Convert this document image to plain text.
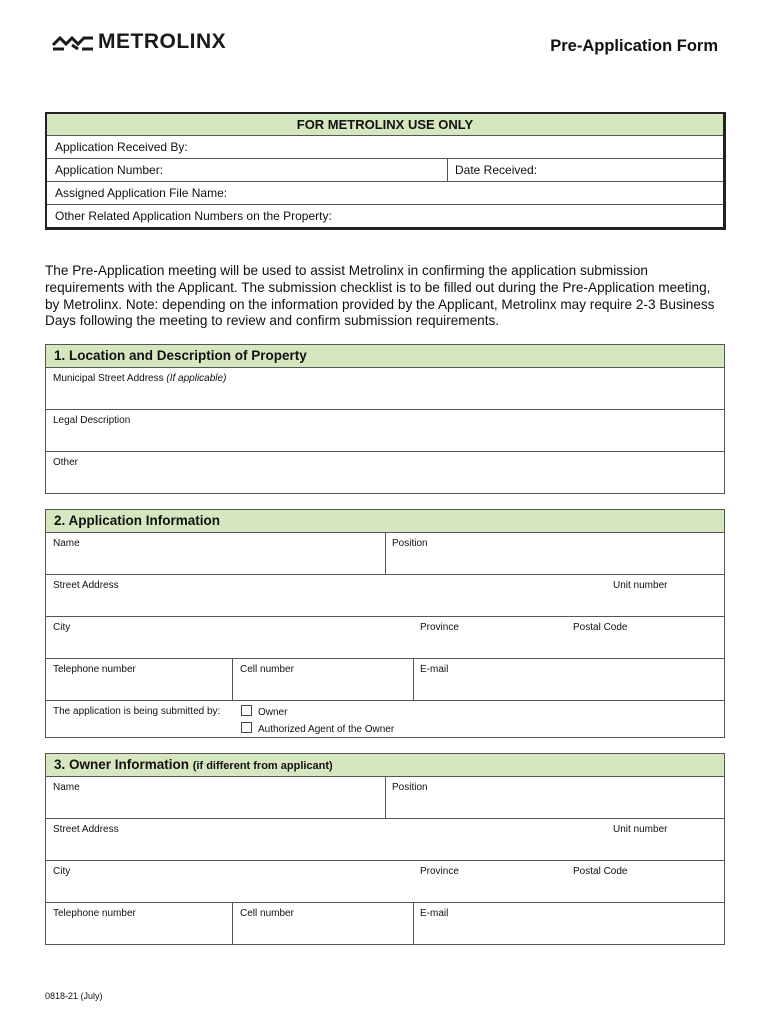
METROLINX	Pre-Application Form
FOR METROLINX USE ONLY
Application Received By:
Application Number:	Date Received:
Assigned Application File Name:
Other Related Application Numbers on the Property:
The Pre-Application meeting will be used to assist Metrolinx in confirming the application submission requirements with the Applicant. The submission checklist is to be filled out during the Pre-Application meeting, by Metrolinx. Note: depending on the information provided by the Applicant, Metrolinx may require 2-3 Business Days following the meeting to review and confirm submission requirements.
1. Location and Description of Property
Municipal Street Address (If applicable)
Legal Description
Other
2. Application Information
Name	Position
Street Address	Unit number
City	Province	Postal Code
Telephone number	Cell number	E-mail
The application is being submitted by:	Owner
Authorized Agent of the Owner
3. Owner Information (if different from applicant)
Name	Position
Street Address	Unit number
City	Province	Postal Code
Telephone number	Cell number	E-mail
0818-21 (July)
